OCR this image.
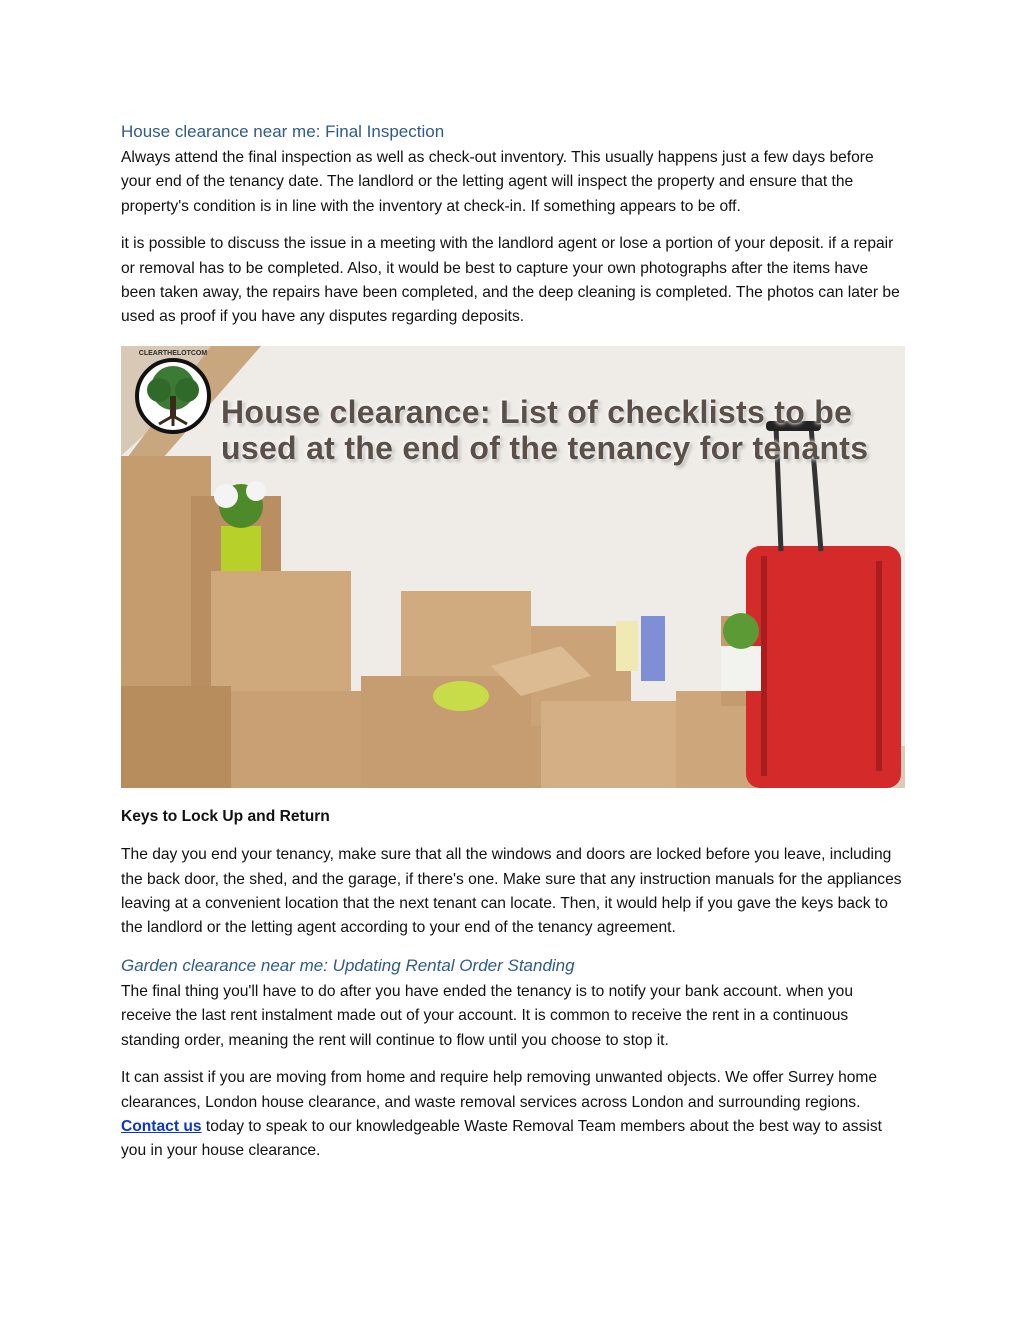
House clearance near me: Final Inspection

Always attend the final inspection as well as check-out inventory. This usually happens just a few days before your end of the tenancy date. The landlord or the letting agent will inspect the property and ensure that the property's condition is in line with the inventory at check-in. If something appears to be off.

it is possible to discuss the issue in a meeting with the landlord agent or lose a portion of your deposit. if a repair or removal has to be completed. Also, it would be best to capture your own photographs after the items have been taken away, the repairs have been completed, and the deep cleaning is completed. The photos can later be used as proof if you have any disputes regarding deposits.

CLEARTHELOTCOM
House clearance: List of checklists to be used at the end of the tenancy for tenants

Keys to Lock Up and Return

The day you end your tenancy, make sure that all the windows and doors are locked before you leave, including the back door, the shed, and the garage, if there's one. Make sure that any instruction manuals for the appliances leaving at a convenient location that the next tenant can locate. Then, it would help if you gave the keys back to the landlord or the letting agent according to your end of the tenancy agreement.

Garden clearance near me: Updating Rental Order Standing

The final thing you'll have to do after you have ended the tenancy is to notify your bank account. when you receive the last rent instalment made out of your account. It is common to receive the rent in a continuous standing order, meaning the rent will continue to flow until you choose to stop it.

It can assist if you are moving from home and require help removing unwanted objects. We offer Surrey home clearances, London house clearance, and waste removal services across London and surrounding regions. Contact us today to speak to our knowledgeable Waste Removal Team members about the best way to assist you in your house clearance.
